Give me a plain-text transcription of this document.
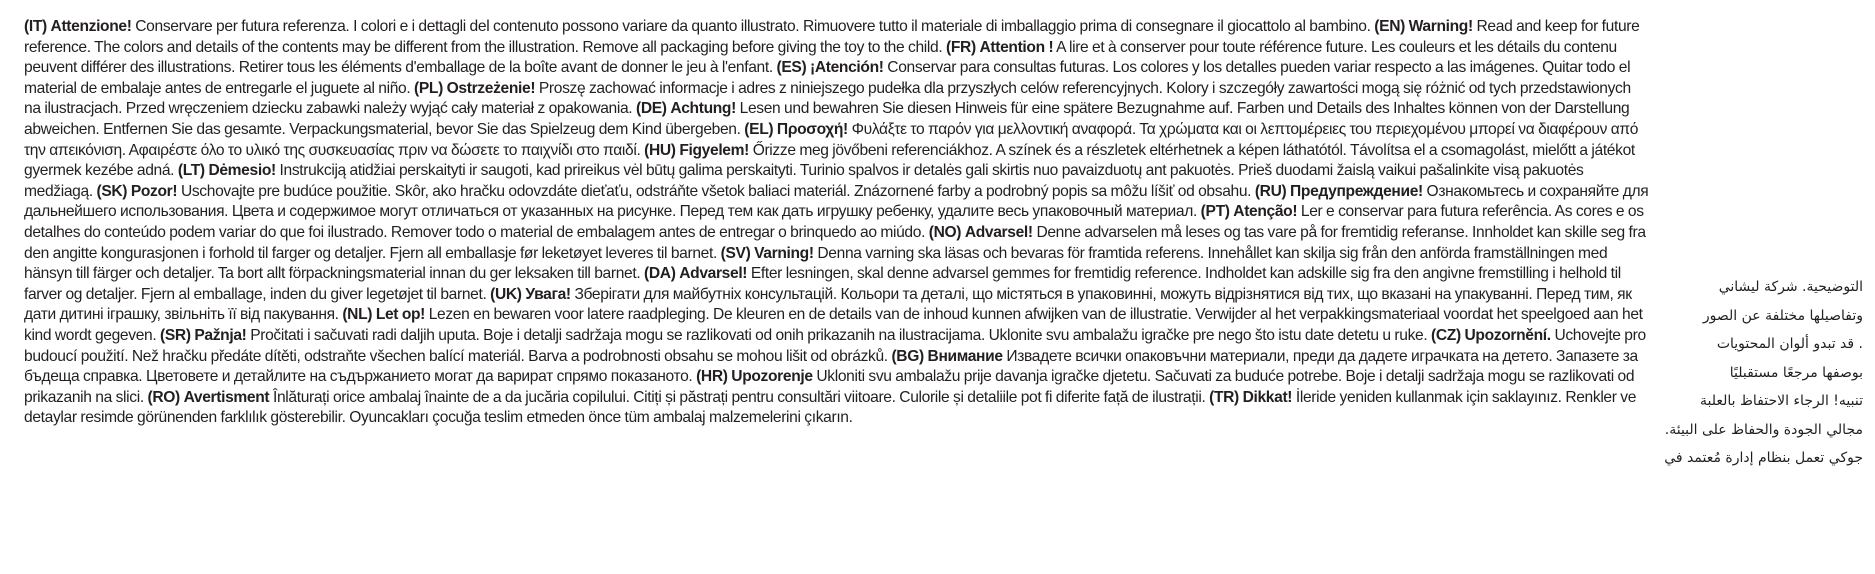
(IT) Attenzione! Conservare per futura referenza. I colori e i dettagli del contenuto possono variare da quanto illustrato. Rimuovere tutto il materiale di imballaggio prima di consegnare il giocattolo al bambino. (EN) Warning! Read and keep for future reference. The colors and details of the contents may be different from the illustration. Remove all packaging before giving the toy to the child. (FR) Attention ! A lire et à conserver pour toute référence future. Les couleurs et les détails du contenu peuvent différer des illustrations. Retirer tous les éléments d'emballage de la boîte avant de donner le jeu à l'enfant. (ES) ¡Atención! Conservar para consultas futuras. Los colores y los detalles pueden variar respecto a las imágenes. Quitar todo el material de embalaje antes de entregarle el juguete al niño. (PL) Ostrzeżenie! Proszę zachować informacje i adres z niniejszego pudełka dla przyszłych celów referencyjnych. Kolory i szczegóły zawartości mogą się różnić od tych przedstawionych na ilustracjach. Przed wręczeniem dziecku zabawki należy wyjąć cały materiał z opakowania. (DE) Achtung! Lesen und bewahren Sie diesen Hinweis für eine spätere Bezugnahme auf. Farben und Details des Inhaltes können von der Darstellung abweichen. Entfernen Sie das gesamte. Verpackungsmaterial, bevor Sie das Spielzeug dem Kind übergeben. (EL) Προσοχή! Φυλάξτε το παρόν για μελλοντική αναφορά. Τα χρώματα και οι λεπτομέρειες του περιεχομένου μπορεί να διαφέρουν από την απεικόνιση. Αφαιρέστε όλο το υλικό της συσκευασίας πριν να δώσετε το παιχνίδι στο παιδί. (HU) Figyelem! Őrizze meg jövőbeni referenciákhoz. A színek és a részletek eltérhetnek a képen láthatótól. Távolítsa el a csomagolást, mielőtt a játékot gyermek kezébe adná. (LT) Dėmesio! Instrukciją atidžiai perskaityti ir saugoti, kad prireikus vėl būtų galima perskaityti. Turinio spalvos ir detalės gali skirtis nuo pavaizduotų ant pakuotės. Prieš duodami žaislą vaikui pašalinkite visą pakuotės medžiagą. (SK) Pozor! Uschovajte pre budúce použitie. Skôr, ako hračku odovzdáte dieťaťu, odstráňte všetok baliaci materiál. Znázornené farby a podrobný popis sa môžu líšiť od obsahu. (RU) Предупреждение! Ознакомьтесь и сохраняйте для дальнейшего использования. Цвета и содержимое могут отличаться от указанных на рисунке. Перед тем как дать игрушку ребенку, удалите весь упаковочный материал. (PT) Atenção! Ler e conservar para futura referência. As cores e os detalhes do conteúdo podem variar do que foi ilustrado. Remover todo o material de embalagem antes de entregar o brinquedo ao miúdo. (NO) Advarsel! Denne advarselen må leses og tas vare på for fremtidig referanse. Innholdet kan skille seg fra den angitte kongurasjonen i forhold til farger og detaljer. Fjern all emballasje før leketøyet leveres til barnet. (SV) Varning! Denna varning ska läsas och bevaras för framtida referens. Innehållet kan skilja sig från den anförda framställningen med hänsyn till färger och detaljer. Ta bort allt förpackningsmaterial innan du ger leksaken till barnet. (DA) Advarsel! Efter lesningen, skal denne advarsel gemmes for fremtidig reference. Indholdet kan adskille sig fra den angivne fremstilling i helhold til farver og detaljer. Fjern al emballage, inden du giver legetøjet til barnet. (UK) Увага! Зберігати для майбутніх консультацій. Кольори та деталі, що містяться в упаковинні, можуть відрізнятися від тих, що вказані на упакуванні. Перед тим, як дати дитині іграшку, звільніть її від пакування. (NL) Let op! Lezen en bewaren voor latere raadpleging. De kleuren en de details van de inhoud kunnen afwijken van de illustratie. Verwijder al het verpakkingsmateriaal voordat het speelgoed aan het kind wordt gegeven. (SR) Pažnja! Pročitati i sačuvati radi daljih uputa. Boje i detalji sadržaja mogu se razlikovati od onih prikazanih na ilustracijama. Uklonite svu ambalažu igračke pre nego što istu date detetu u ruke. (CZ) Upozornění. Uchovejte pro budoucí použití. Než hračku předáte dítěti, odstraňte všechen balící materiál. Barva a podrobnosti obsahu se mohou lišit od obrázků. (BG) Внимание Извадете всички опаковъчни материали, преди да дадете играчката на детето. Запазете за бъдеща справка. Цветовете и детайлите на съдържанието могат да варират спрямо показаното. (HR) Upozorenje Ukloniti svu ambalažu prije davanja igračke djetetu. Sačuvati za buduće potrebe. Boje i detalji sadržaja mogu se razlikovati od prikazanih na slici. (RO) Avertisment Înlăturați orice ambalaj înainte de a da jucăria copilului. Citiți și păstrați pentru consultări viitoare. Culorile și detaliile pot fi diferite față de ilustrații. (TR) Dikkat! İleride yeniden kullanmak için saklayınız. Renkler ve detaylar resimde görünenden farklılık gösterebilir. Oyuncakları çocuğa teslim etmeden önce tüm ambalaj malzemelerini çıkarın.
التوضيحية. شركة ليشاني
وتفاصيلها مختلفة عن الصور
. قد تبدو ألوان المحتويات
بوصفها مرجعًا مستقبليًا
تنبيه! الرجاء الاحتفاظ بالعلبة
مجالي الجودة والحفاظ على البيئة.
جوكي تعمل بنظام إدارة مُعتمد في
